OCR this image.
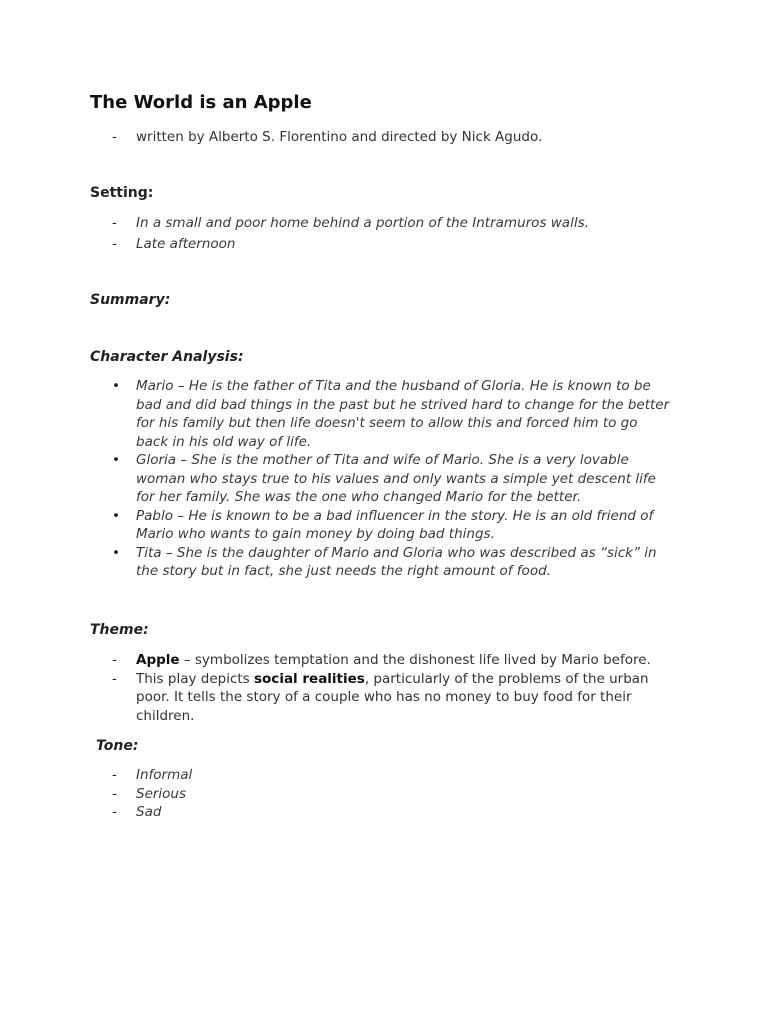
The World is an Apple
- written by Alberto S. Florentino and directed by Nick Agudo.
Setting:
- In a small and poor home behind a portion of the Intramuros walls.
- Late afternoon
Summary:
Character Analysis:
• Mario – He is the father of Tita and the husband of Gloria. He is known to be bad and did bad things in the past but he strived hard to change for the better for his family but then life doesn't seem to allow this and forced him to go back in his old way of life.
• Gloria – She is the mother of Tita and wife of Mario. She is a very lovable woman who stays true to his values and only wants a simple yet descent life for her family. She was the one who changed Mario for the better.
• Pablo – He is known to be a bad influencer in the story. He is an old friend of Mario who wants to gain money by doing bad things.
• Tita – She is the daughter of Mario and Gloria who was described as “sick” in the story but in fact, she just needs the right amount of food.
Theme:
- Apple – symbolizes temptation and the dishonest life lived by Mario before.
- This play depicts social realities, particularly of the problems of the urban poor. It tells the story of a couple who has no money to buy food for their children.
Tone:
- Informal
- Serious
- Sad
